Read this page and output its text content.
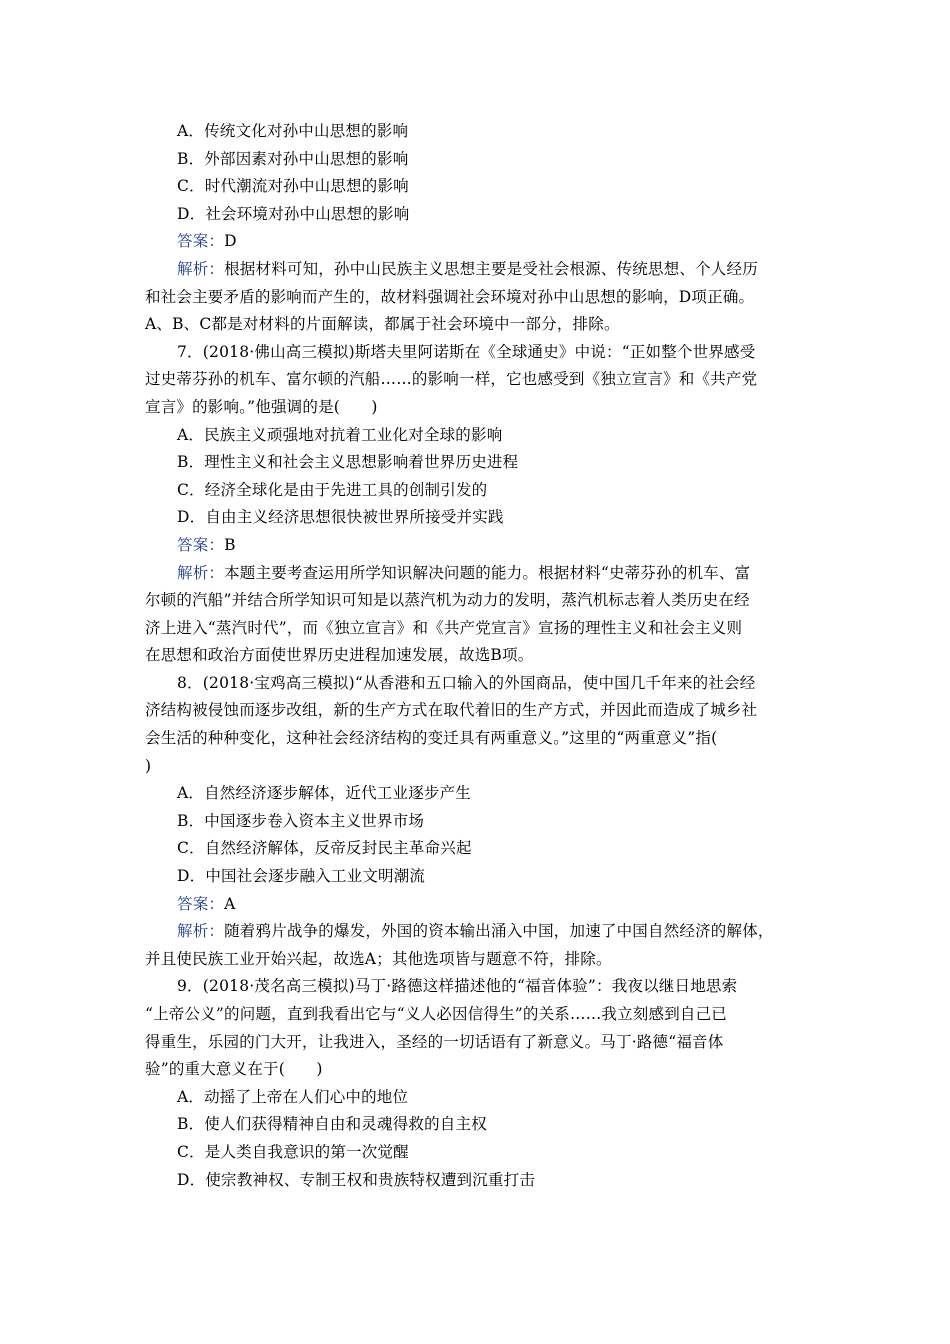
A．传统文化对孙中山思想的影响
B．外部因素对孙中山思想的影响
C．时代潮流对孙中山思想的影响
D．社会环境对孙中山思想的影响
答案：D
解析：根据材料可知，孙中山民族主义思想主要是受社会根源、传统思想、个人经历
和社会主要矛盾的影响而产生的，故材料强调社会环境对孙中山思想的影响，D项正确。
A、B、C都是对材料的片面解读，都属于社会环境中一部分，排除。
7．(2018·佛山高三模拟)斯塔夫里阿诺斯在《全球通史》中说：“正如整个世界感受
过史蒂芬孙的机车、富尔顿的汽船……的影响一样，它也感受到《独立宣言》和《共产党
宣言》的影响。”他强调的是(　　)
A．民族主义顽强地对抗着工业化对全球的影响
B．理性主义和社会主义思想影响着世界历史进程
C．经济全球化是由于先进工具的创制引发的
D．自由主义经济思想很快被世界所接受并实践
答案：B
解析：本题主要考查运用所学知识解决问题的能力。根据材料“史蒂芬孙的机车、富
尔顿的汽船”并结合所学知识可知是以蒸汽机为动力的发明，蒸汽机标志着人类历史在经
济上进入“蒸汽时代”，而《独立宣言》和《共产党宣言》宣扬的理性主义和社会主义则
在思想和政治方面使世界历史进程加速发展，故选B项。
8．(2018·宝鸡高三模拟)“从香港和五口输入的外国商品，使中国几千年来的社会经
济结构被侵蚀而逐步改组，新的生产方式在取代着旧的生产方式，并因此而造成了城乡社
会生活的种种变化，这种社会经济结构的变迁具有两重意义。”这里的“两重意义”指(
)
A．自然经济逐步解体，近代工业逐步产生
B．中国逐步卷入资本主义世界市场
C．自然经济解体，反帝反封民主革命兴起
D．中国社会逐步融入工业文明潮流
答案：A
解析：随着鸦片战争的爆发，外国的资本输出涌入中国，加速了中国自然经济的解体，
并且使民族工业开始兴起，故选A；其他选项皆与题意不符，排除。
9．(2018·茂名高三模拟)马丁·路德这样描述他的“福音体验”：我夜以继日地思索
“上帝公义”的问题，直到我看出它与“义人必因信得生”的关系……我立刻感到自己已
得重生，乐园的门大开，让我进入，圣经的一切话语有了新意义。马丁·路德“福音体
验”的重大意义在于(　　)
A．动摇了上帝在人们心中的地位
B．使人们获得精神自由和灵魂得救的自主权
C．是人类自我意识的第一次觉醒
D．使宗教神权、专制王权和贵族特权遭到沉重打击
